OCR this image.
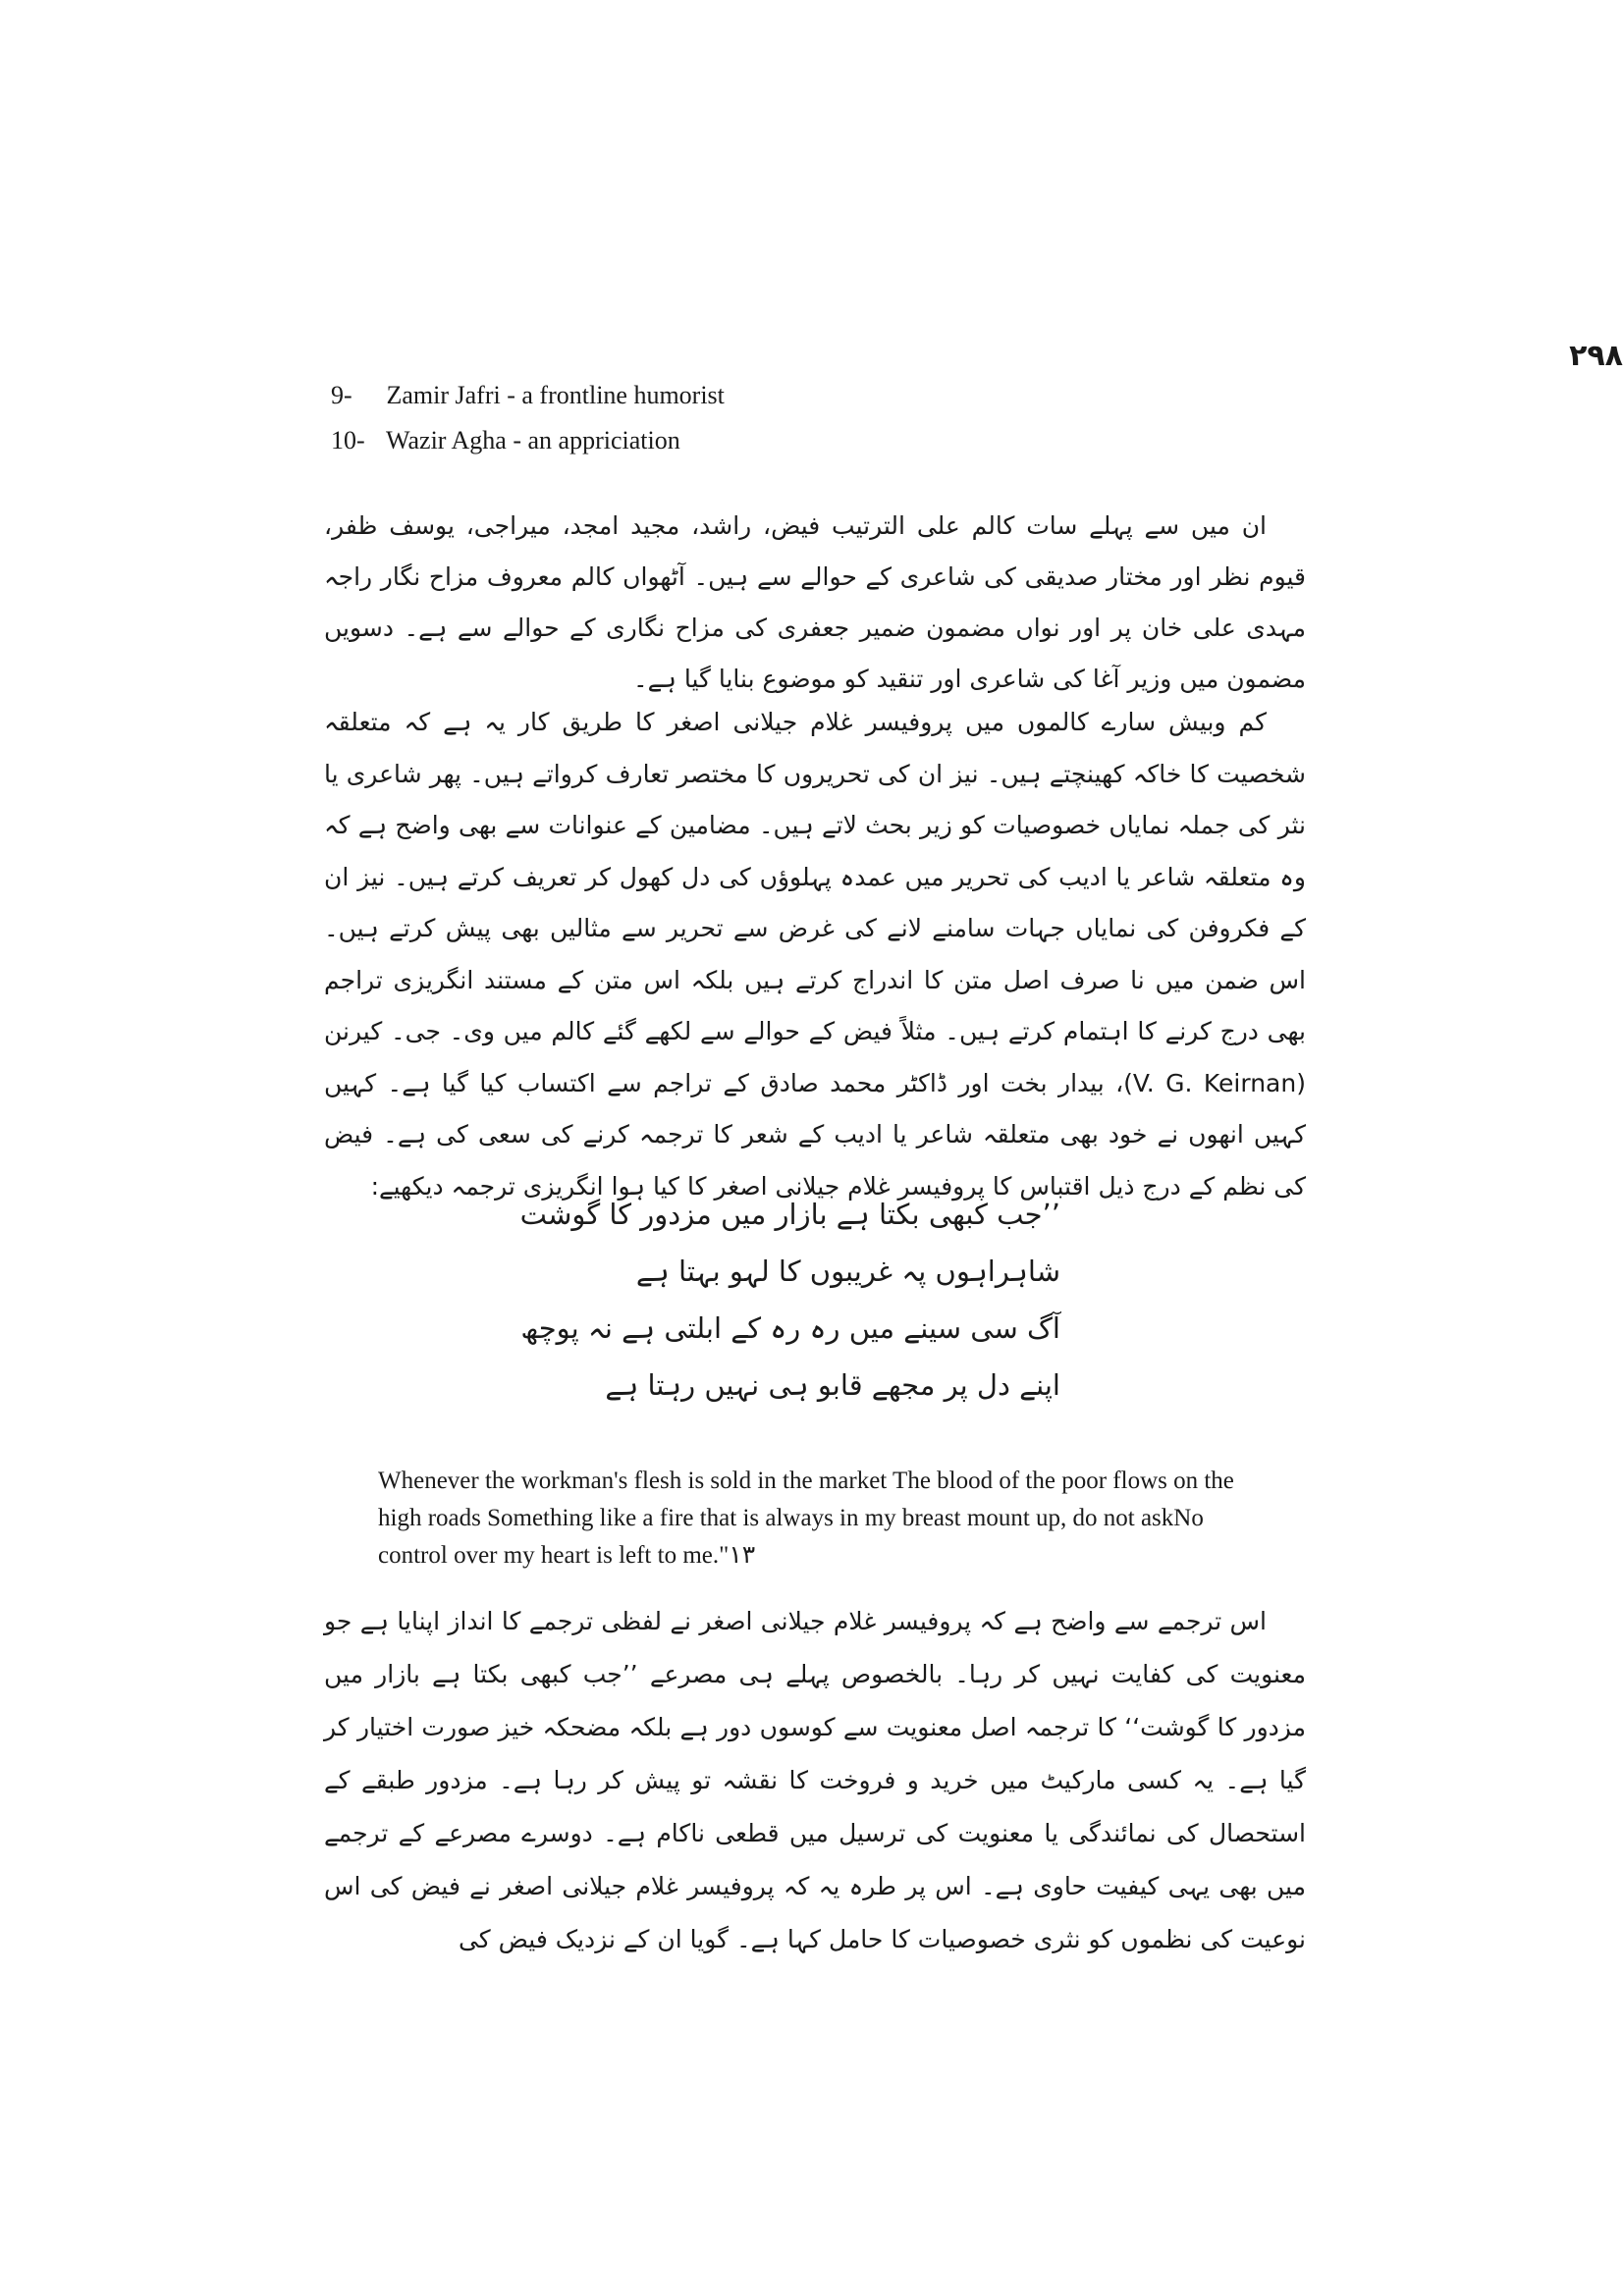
۲۹۸
9- Zamir Jafri - a frontline humorist
10- Wazir Agha - an appriciation

ان میں سے پہلے سات کالم علی الترتیب فیض، راشد، مجید امجد، میراجی، یوسف ظفر، قیوم نظر اور مختار صدیقی کی شاعری کے حوالے سے ہیں۔ آٹھواں کالم معروف مزاح نگار راجہ مہدی علی خان پر اور نواں مضمون ضمیر جعفری کی مزاح نگاری کے حوالے سے ہے۔ دسویں مضمون میں وزیر آغا کی شاعری اور تنقید کو موضوع بنایا گیا ہے۔

کم وبیش سارے کالموں میں پروفیسر غلام جیلانی اصغر کا طریق کار یہ ہے کہ متعلقہ شخصیت کا خاکہ کھینچتے ہیں۔ نیز ان کی تحریروں کا مختصر تعارف کرواتے ہیں۔ پھر شاعری یا نثر کی جملہ نمایاں خصوصیات کو زیر بحث لاتے ہیں۔ مضامین کے عنوانات سے بھی واضح ہے کہ وہ متعلقہ شاعر یا ادیب کی تحریر میں عمدہ پہلوؤں کی دل کھول کر تعریف کرتے ہیں۔ نیز ان کے فکروفن کی نمایاں جہات سامنے لانے کی غرض سے تحریر سے مثالیں بھی پیش کرتے ہیں۔ اس ضمن میں نا صرف اصل متن کا اندراج کرتے ہیں بلکہ اس متن کے مستند انگریزی تراجم بھی درج کرنے کا اہتمام کرتے ہیں۔ مثلاً فیض کے حوالے سے لکھے گئے کالم میں وی۔ جی۔ کیرنن (V. G. Keirnan)، بیدار بخت اور ڈاکٹر محمد صادق کے تراجم سے اکتساب کیا گیا ہے۔ کہیں کہیں انھوں نے خود بھی متعلقہ شاعر یا ادیب کے شعر کا ترجمہ کرنے کی سعی کی ہے۔ فیض کی نظم کے درج ذیل اقتباس کا پروفیسر غلام جیلانی اصغر کا کیا ہوا انگریزی ترجمہ دیکھیے:

’’جب کبھی بکتا ہے بازار میں مزدور کا گوشت
شاہراہوں پہ غریبوں کا لہو بہتا ہے
آگ سی سینے میں رہ رہ کے ابلتی ہے نہ پوچھ
اپنے دل پر مجھے قابو ہی نہیں رہتا ہے
Whenever the workman's flesh is sold in the market The blood of the poor flows on the high roads Something like a fire that is always in my breast mount up, do not askNo control over my heart is left to me."۱۳

اس ترجمے سے واضح ہے کہ پروفیسر غلام جیلانی اصغر نے لفظی ترجمے کا انداز اپنایا ہے جو معنویت کی کفایت نہیں کر رہا۔ بالخصوص پہلے ہی مصرعے ’’جب کبھی بکتا ہے بازار میں مزدور کا گوشت‘‘ کا ترجمہ اصل معنویت سے کوسوں دور ہے بلکہ مضحکہ خیز صورت اختیار کر گیا ہے۔ یہ کسی مارکیٹ میں خرید و فروخت کا نقشہ تو پیش کر رہا ہے۔ مزدور طبقے کے استحصال کی نمائندگی یا معنویت کی ترسیل میں قطعی ناکام ہے۔ دوسرے مصرعے کے ترجمے میں بھی یہی کیفیت حاوی ہے۔ اس پر طرہ یہ کہ پروفیسر غلام جیلانی اصغر نے فیض کی اس نوعیت کی نظموں کو نثری خصوصیات کا حامل کہا ہے۔ گویا ان کے نزدیک فیض کی
